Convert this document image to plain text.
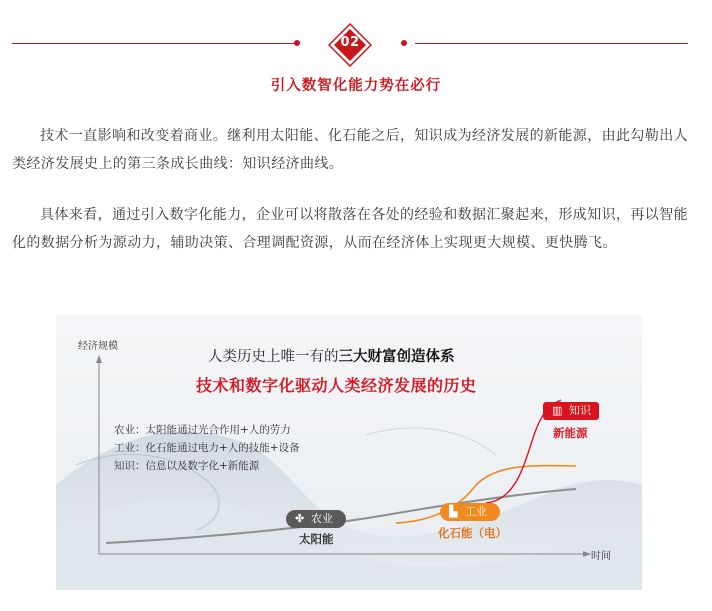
02
引入数智化能力势在必行
技术一直影响和改变着商业。继利用太阳能、化石能之后，知识成为经济发展的新能源，由此勾勒出人类经济发展史上的第三条成长曲线：知识经济曲线。
具体来看，通过引入数字化能力，企业可以将散落在各处的经验和数据汇聚起来，形成知识，再以智能化的数据分析为源动力，辅助决策、合理调配资源，从而在经济体上实现更大规模、更快腾飞。
经济规模
时间
人类历史上唯一有的三大财富创造体系
技术和数字化驱动人类经济发展的历史
农业：太阳能通过光合作用+人的劳力
工业：化石能通过电力+人的技能+设备
知识：信息以及数字化+新能源
✤ 农业
太阳能
▙ 工业
化石能（电）
▥ 知识
新能源
